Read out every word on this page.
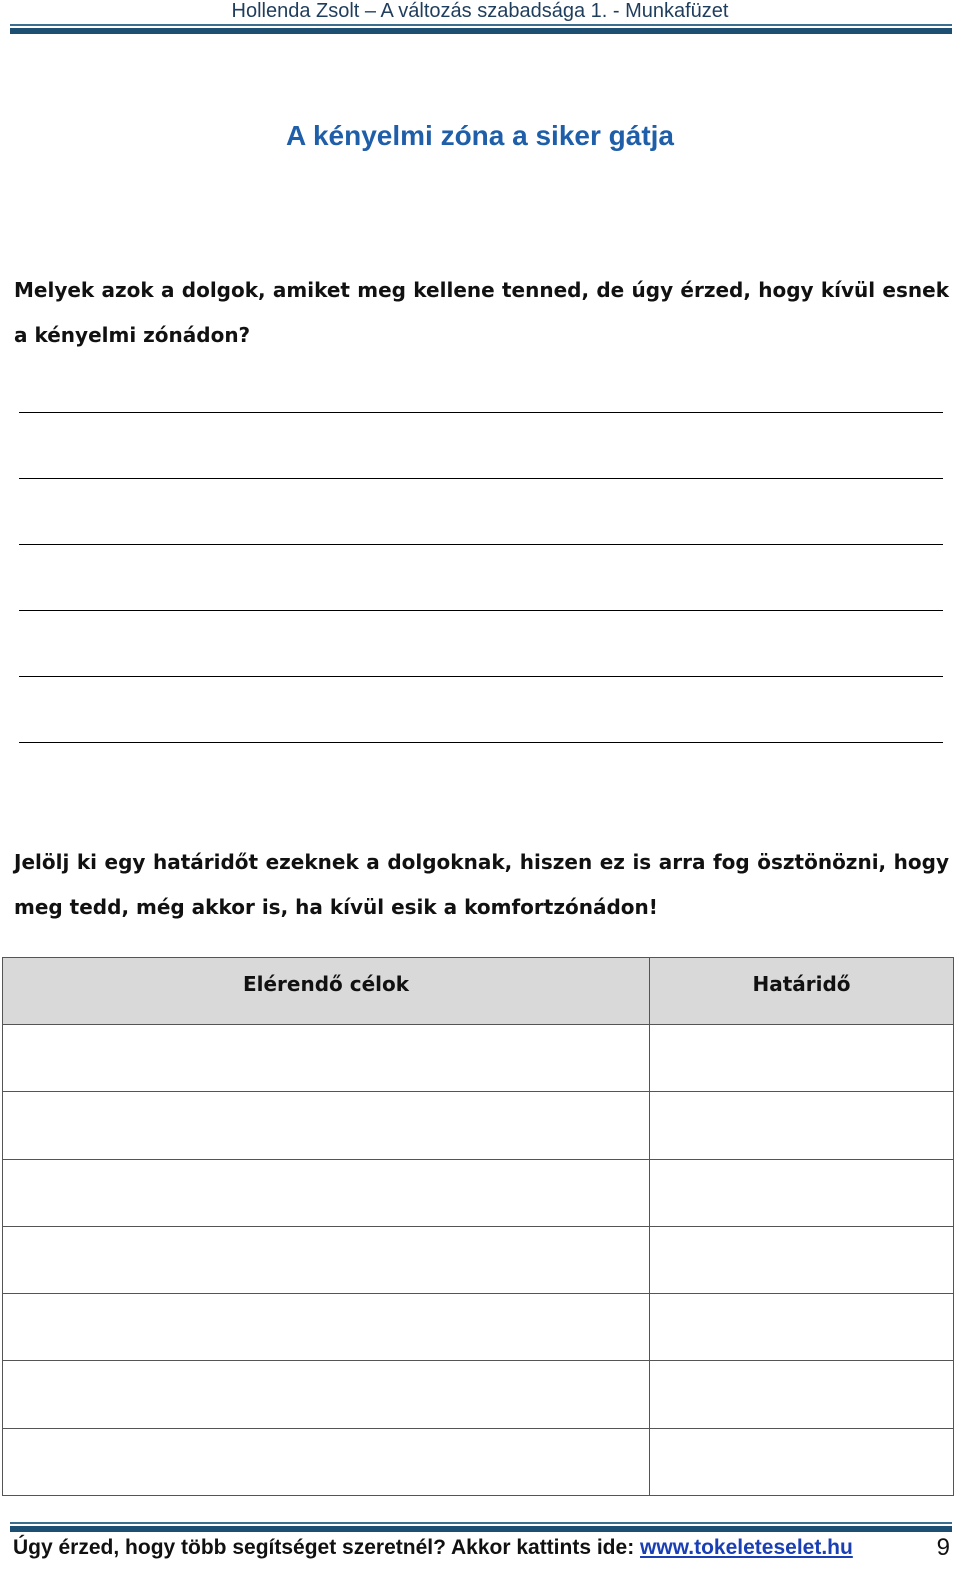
Hollenda Zsolt – A változás szabadsága 1. - Munkafüzet
A kényelmi zóna a siker gátja

Melyek azok a dolgok, amiket meg kellene tenned, de úgy érzed, hogy kívül esnek a kényelmi zónádon?

Jelölj ki egy határidőt ezeknek a dolgoknak, hiszen ez is arra fog ösztönözni, hogy meg tedd, még akkor is, ha kívül esik a komfortzónádon!

Elérendő célok	Határidő

Úgy érzed, hogy több segítséget szeretnél? Akkor kattints ide: www.tokeleteselet.hu	9
